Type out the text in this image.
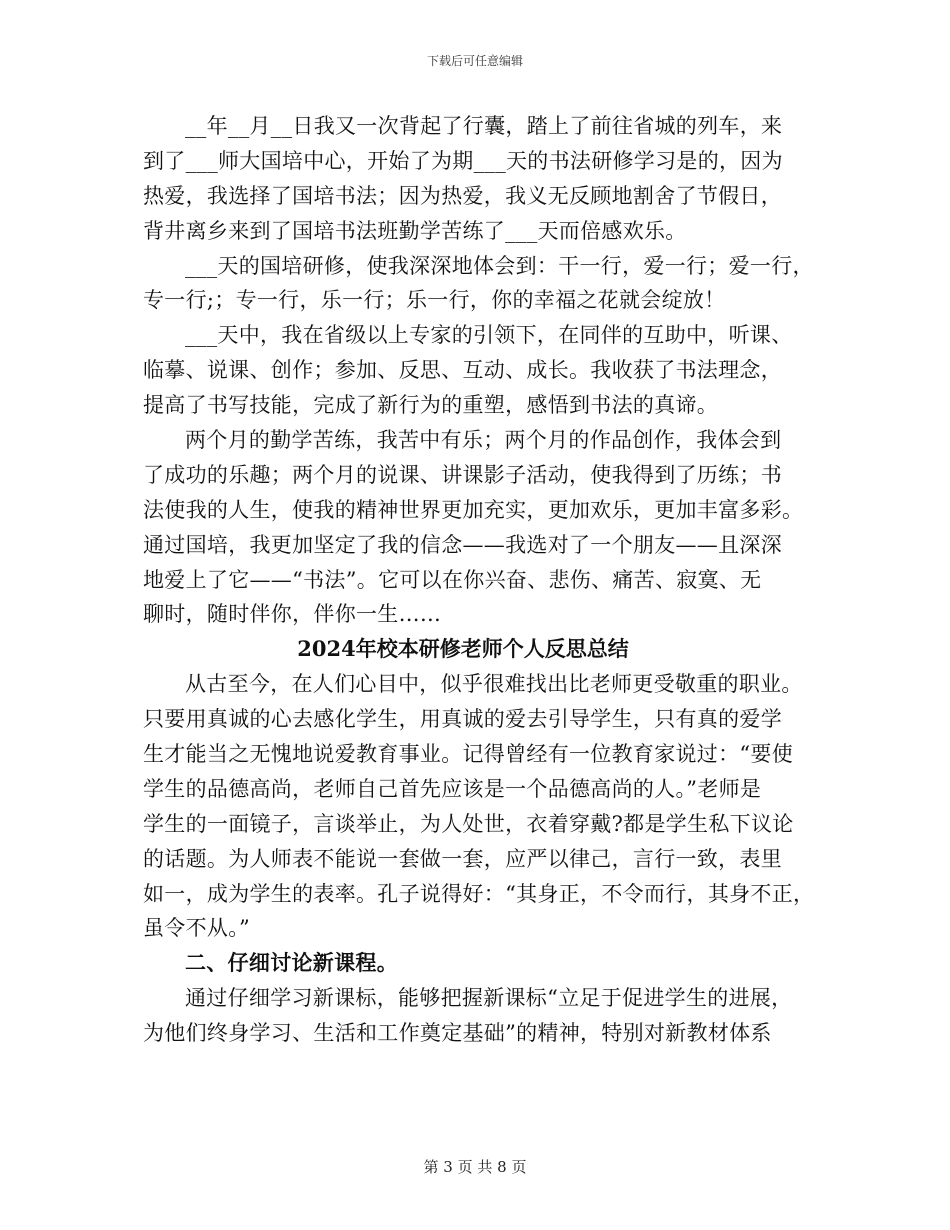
下载后可任意编辑
__年__月__日我又一次背起了行囊，踏上了前往省城的列车，来
到了___师大国培中心，开始了为期___天的书法研修学习是的，因为
热爱，我选择了国培书法；因为热爱，我义无反顾地割舍了节假日，
背井离乡来到了国培书法班勤学苦练了___天而倍感欢乐。
___天的国培研修，使我深深地体会到：干一行，爱一行；爱一行，
专一行;；专一行，乐一行；乐一行，你的幸福之花就会绽放！
___天中，我在省级以上专家的引领下，在同伴的互助中，听课、
临摹、说课、创作；参加、反思、互动、成长。我收获了书法理念，
提高了书写技能，完成了新行为的重塑，感悟到书法的真谛。
两个月的勤学苦练，我苦中有乐；两个月的作品创作，我体会到
了成功的乐趣；两个月的说课、讲课影子活动，使我得到了历练；书
法使我的人生，使我的精神世界更加充实，更加欢乐，更加丰富多彩。
通过国培，我更加坚定了我的信念——我选对了一个朋友——且深深
地爱上了它——“书法”。它可以在你兴奋、悲伤、痛苦、寂寞、无
聊时，随时伴你，伴你一生……
2024年校本研修老师个人反思总结
从古至今，在人们心目中，似乎很难找出比老师更受敬重的职业。
只要用真诚的心去感化学生，用真诚的爱去引导学生，只有真的爱学
生才能当之无愧地说爱教育事业。记得曾经有一位教育家说过：“要使
学生的品德高尚，老师自己首先应该是一个品德高尚的人。”老师是
学生的一面镜子，言谈举止，为人处世，衣着穿戴?都是学生私下议论
的话题。为人师表不能说一套做一套，应严以律己，言行一致，表里
如一，成为学生的表率。孔子说得好：“其身正，不令而行，其身不正，
虽令不从。”
二、仔细讨论新课程。
通过仔细学习新课标，能够把握新课标“立足于促进学生的进展，
为他们终身学习、生活和工作奠定基础”的精神，特别对新教材体系
第 3 页 共 8 页
